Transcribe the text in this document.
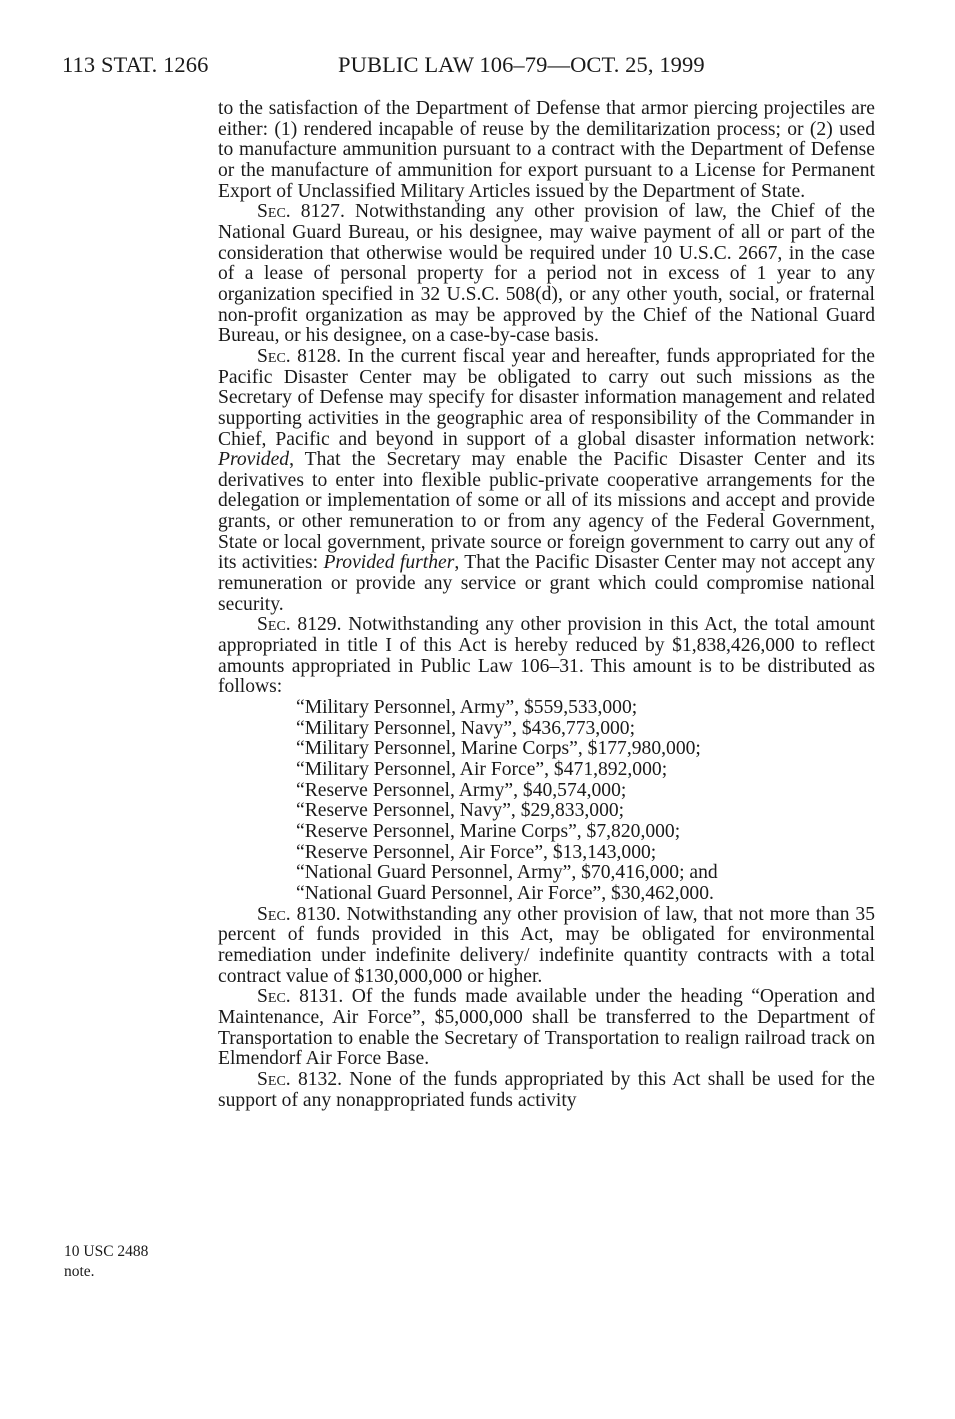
113 STAT. 1266	PUBLIC LAW 106–79—OCT. 25, 1999

to the satisfaction of the Department of Defense that armor piercing projectiles are either: (1) rendered incapable of reuse by the demilitarization process; or (2) used to manufacture ammunition pursuant to a contract with the Department of Defense or the manufacture of ammunition for export pursuant to a License for Permanent Export of Unclassified Military Articles issued by the Department of State.

Sec. 8127. Notwithstanding any other provision of law, the Chief of the National Guard Bureau, or his designee, may waive payment of all or part of the consideration that otherwise would be required under 10 U.S.C. 2667, in the case of a lease of personal property for a period not in excess of 1 year to any organization specified in 32 U.S.C. 508(d), or any other youth, social, or fraternal non-profit organization as may be approved by the Chief of the National Guard Bureau, or his designee, on a case-by-case basis.

Sec. 8128. In the current fiscal year and hereafter, funds appropriated for the Pacific Disaster Center may be obligated to carry out such missions as the Secretary of Defense may specify for disaster information management and related supporting activities in the geographic area of responsibility of the Commander in Chief, Pacific and beyond in support of a global disaster information network: Provided, That the Secretary may enable the Pacific Disaster Center and its derivatives to enter into flexible public-private cooperative arrangements for the delegation or implementation of some or all of its missions and accept and provide grants, or other remuneration to or from any agency of the Federal Government, State or local government, private source or foreign government to carry out any of its activities: Provided further, That the Pacific Disaster Center may not accept any remuneration or provide any service or grant which could compromise national security.

Sec. 8129. Notwithstanding any other provision in this Act, the total amount appropriated in title I of this Act is hereby reduced by $1,838,426,000 to reflect amounts appropriated in Public Law 106–31. This amount is to be distributed as follows:

“Military Personnel, Army”, $559,533,000;
“Military Personnel, Navy”, $436,773,000;
“Military Personnel, Marine Corps”, $177,980,000;
“Military Personnel, Air Force”, $471,892,000;
“Reserve Personnel, Army”, $40,574,000;
“Reserve Personnel, Navy”, $29,833,000;
“Reserve Personnel, Marine Corps”, $7,820,000;
“Reserve Personnel, Air Force”, $13,143,000;
“National Guard Personnel, Army”, $70,416,000; and
“National Guard Personnel, Air Force”, $30,462,000.

Sec. 8130. Notwithstanding any other provision of law, that not more than 35 percent of funds provided in this Act, may be obligated for environmental remediation under indefinite delivery/ indefinite quantity contracts with a total contract value of $130,000,000 or higher.

Sec. 8131. Of the funds made available under the heading “Operation and Maintenance, Air Force”, $5,000,000 shall be transferred to the Department of Transportation to enable the Secretary of Transportation to realign railroad track on Elmendorf Air Force Base.

Sec. 8132. None of the funds appropriated by this Act shall be used for the support of any nonappropriated funds activity

10 USC 2488
note.
